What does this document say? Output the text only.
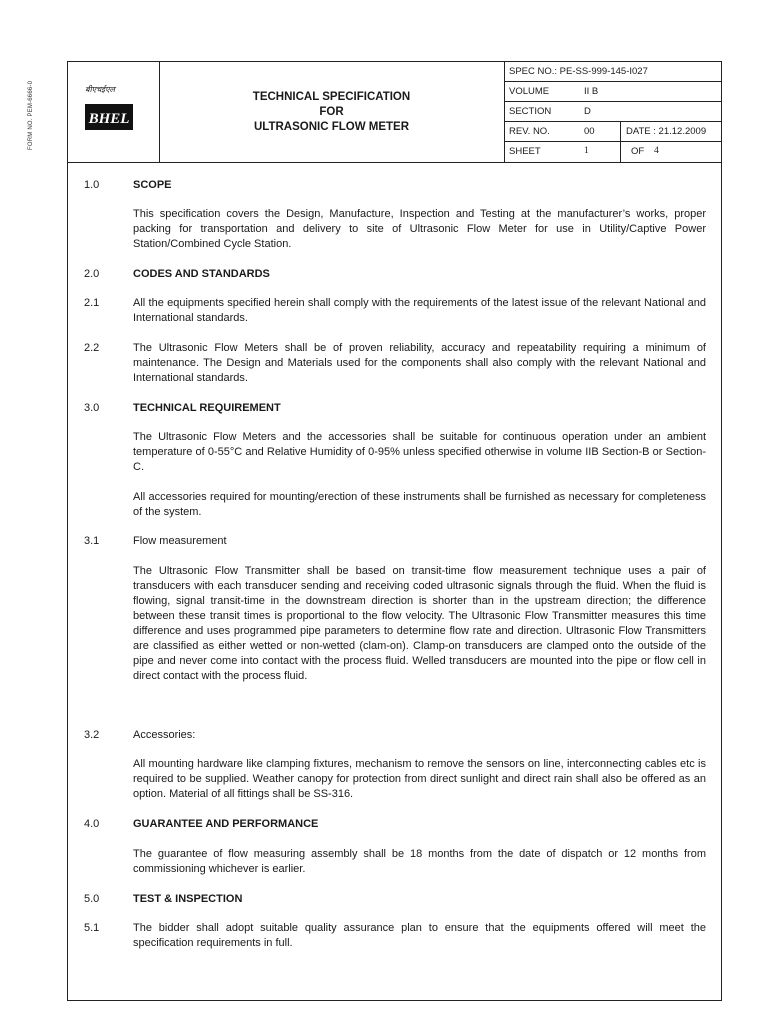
FORM NO. PEM-6666-0	बीएचईएल
BHEL
TECHNICAL SPECIFICATION
FOR
ULTRASONIC FLOW METER
SPEC NO.: PE-SS-999-145-I027
VOLUME	II B
SECTION	D
REV. NO.	00	DATE : 21.12.2009
SHEET	1	OF 4
1.0	SCOPE
This specification covers the Design, Manufacture, Inspection and Testing at the manufacturer’s works, proper packing for transportation and delivery to site of Ultrasonic Flow Meter for use in Utility/Captive Power Station/Combined Cycle Station.
2.0	CODES AND STANDARDS
2.1	All the equipments specified herein shall comply with the requirements of the latest issue of the relevant National and International standards.
2.2	The Ultrasonic Flow Meters shall be of proven reliability, accuracy and repeatability requiring a minimum of maintenance. The Design and Materials used for the components shall also comply with the relevant National and International standards.
3.0	TECHNICAL REQUIREMENT
The Ultrasonic Flow Meters and the accessories shall be suitable for continuous operation under an ambient temperature of 0-55°C and Relative Humidity of 0-95% unless specified otherwise in volume IIB Section-B or Section-C.
All accessories required for mounting/erection of these instruments shall be furnished as necessary for completeness of the system.
3.1	Flow measurement
The Ultrasonic Flow Transmitter shall be based on transit-time flow measurement technique uses a pair of transducers with each transducer sending and receiving coded ultrasonic signals through the fluid. When the fluid is flowing, signal transit-time in the downstream direction is shorter than in the upstream direction; the difference between these transit times is proportional to the flow velocity. The Ultrasonic Flow Transmitter measures this time difference and uses programmed pipe parameters to determine flow rate and direction. Ultrasonic Flow Transmitters are classified as either wetted or non-wetted (clam-on). Clamp-on transducers are clamped onto the outside of the pipe and never come into contact with the process fluid. Welled transducers are mounted into the pipe or flow cell in direct contact with the process fluid.
3.2	Accessories:
All mounting hardware like clamping fixtures, mechanism to remove the sensors on line, interconnecting cables etc is required to be supplied. Weather canopy for protection from direct sunlight and direct rain shall also be offered as an option. Material of all fittings shall be SS-316.
4.0	GUARANTEE AND PERFORMANCE
The guarantee of flow measuring assembly shall be 18 months from the date of dispatch or 12 months from commissioning whichever is earlier.
5.0	TEST & INSPECTION
5.1	The bidder shall adopt suitable quality assurance plan to ensure that the equipments offered will meet the specification requirements in full.
